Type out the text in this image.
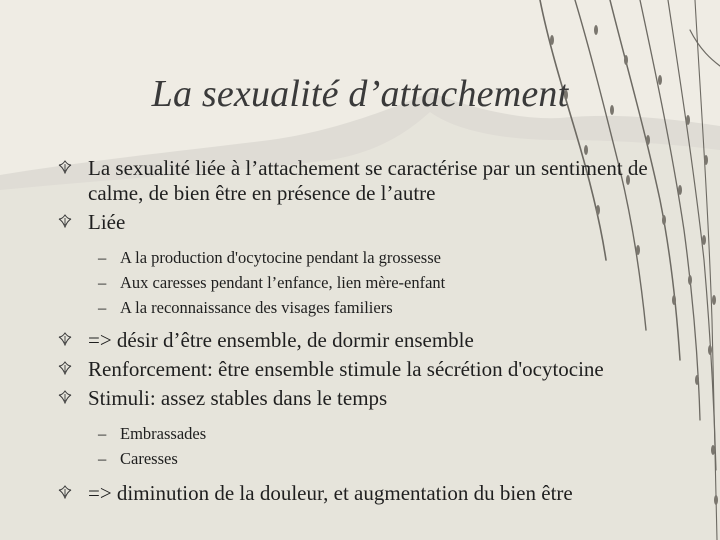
La sexualité d’attachement
La sexualité liée à l’attachement se caractérise par un sentiment de calme, de bien être en présence de l’autre
Liée
– A la production d'ocytocine pendant la grossesse
– Aux caresses pendant l’enfance, lien mère-enfant
– A la reconnaissance des visages familiers
=> désir d’être ensemble, de dormir ensemble
Renforcement: être ensemble stimule la sécrétion d'ocytocine
Stimuli: assez stables dans le temps
– Embrassades
– Caresses
=> diminution de la douleur, et augmentation du bien être
